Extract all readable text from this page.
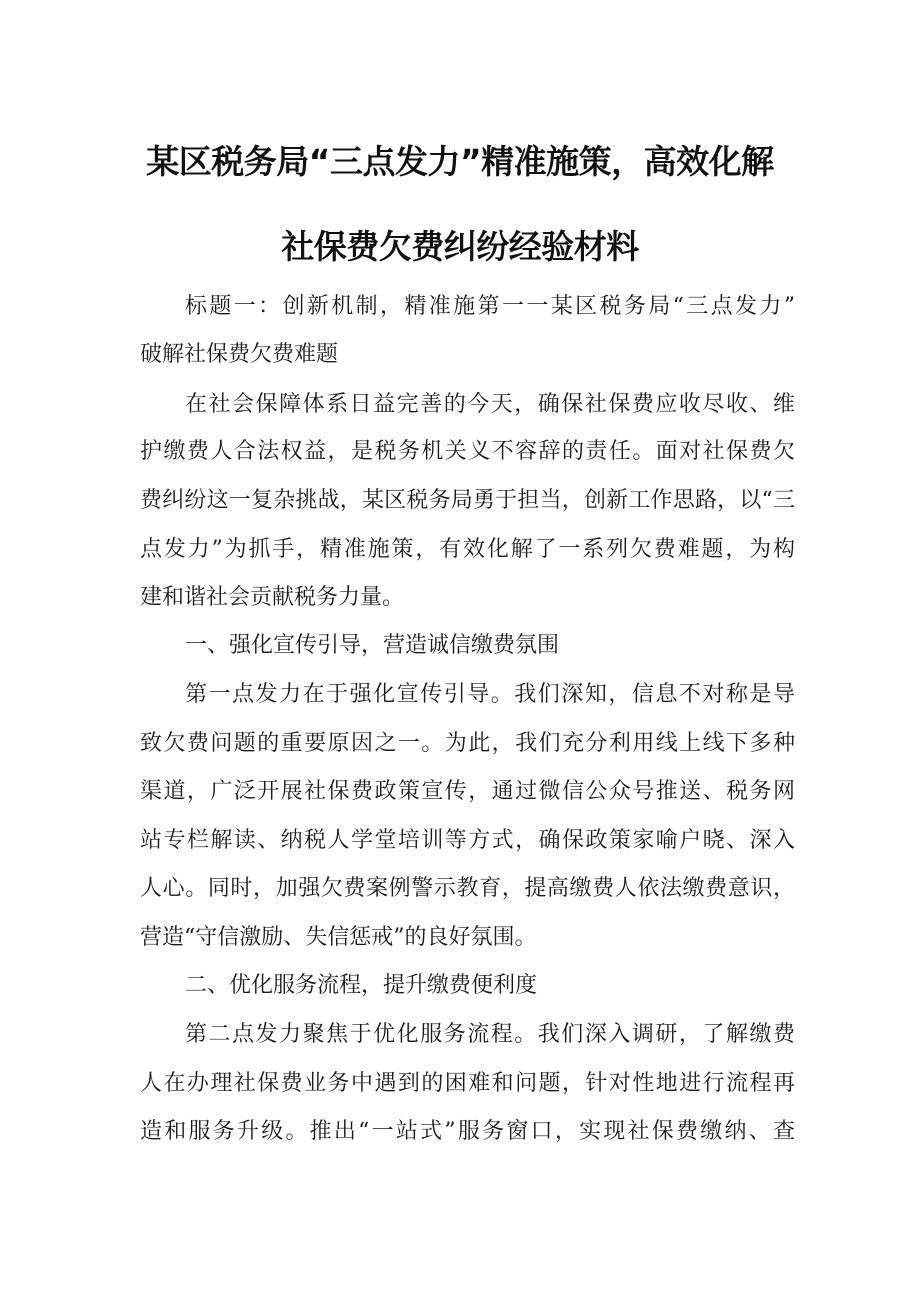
某区税务局“三点发力”精准施策，高效化解
社保费欠费纠纷经验材料
标题一：创新机制，精准施第一一某区税务局“三点发力”
破解社保费欠费难题
在社会保障体系日益完善的今天，确保社保费应收尽收、维
护缴费人合法权益，是税务机关义不容辞的责任。面对社保费欠
费纠纷这一复杂挑战，某区税务局勇于担当，创新工作思路，以“三
点发力”为抓手，精准施策，有效化解了一系列欠费难题，为构
建和谐社会贡献税务力量。
一、强化宣传引导，营造诚信缴费氛围
第一点发力在于强化宣传引导。我们深知，信息不对称是导
致欠费问题的重要原因之一。为此，我们充分利用线上线下多种
渠道，广泛开展社保费政策宣传，通过微信公众号推送、税务网
站专栏解读、纳税人学堂培训等方式，确保政策家喻户晓、深入
人心。同时，加强欠费案例警示教育，提高缴费人依法缴费意识，
营造“守信激励、失信惩戒”的良好氛围。
二、优化服务流程，提升缴费便利度
第二点发力聚焦于优化服务流程。我们深入调研，了解缴费
人在办理社保费业务中遇到的困难和问题，针对性地进行流程再
造和服务升级。推出“一站式”服务窗口，实现社保费缴纳、查
